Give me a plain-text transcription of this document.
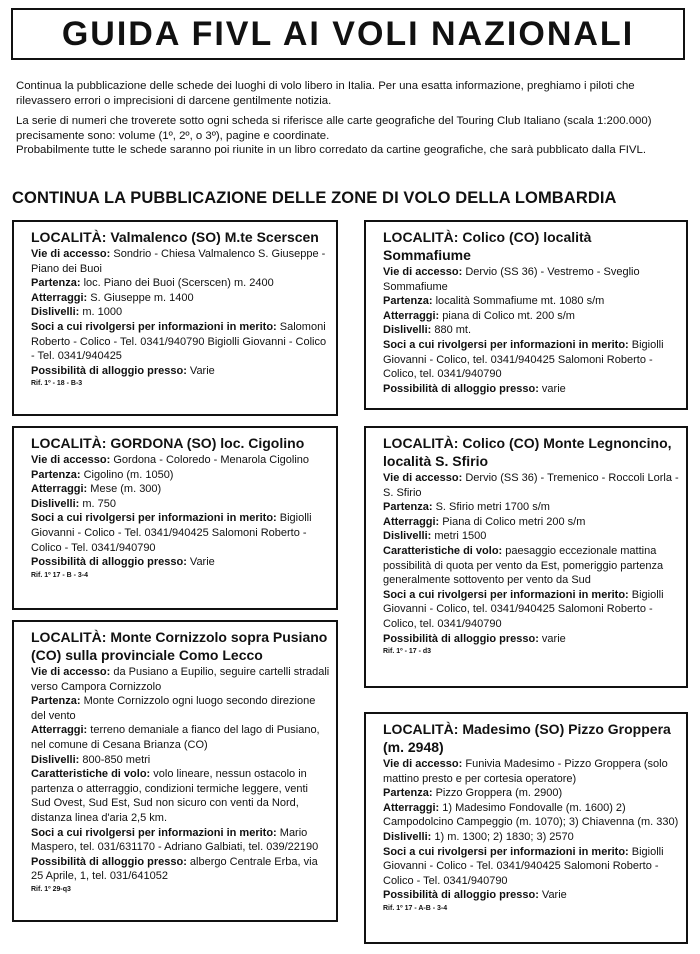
GUIDA FIVL AI VOLI NAZIONALI

Continua la pubblicazione delle schede dei luoghi di volo libero in Italia. Per una esatta informazione, preghiamo i piloti che rilevassero errori o imprecisioni di darcene gentilmente notizia.

La serie di numeri che troverete sotto ogni scheda si riferisce alle carte geografiche del Touring Club Italiano (scala 1:200.000) precisamente sono: volume (1º, 2º, o 3º), pagine e coordinate.

Probabilmente tutte le schede saranno poi riunite in un libro corredato da cartine geografiche, che sarà pubblicato dalla FIVL.

CONTINUA LA PUBBLICAZIONE DELLE ZONE DI VOLO DELLA LOMBARDIA
LOCALITÀ: Valmalenco (SO) M.te Scerscen

Vie di accesso: Sondrio - Chiesa Valmalenco S. Giuseppe - Piano dei Buoi

Partenza: loc. Piano dei Buoi (Scerscen) m. 2400

Atterraggi: S. Giuseppe m. 1400

Dislivelli: m. 1000

Soci a cui rivolgersi per informazioni in merito: Salomoni Roberto - Colico - Tel. 0341/940790 Bigiolli Giovanni - Colico - Tel. 0341/940425

Possibilità di alloggio presso: Varie

Rif. 1º - 18 - B-3
LOCALITÀ: GORDONA (SO) loc. Cigolino

Vie di accesso: Gordona - Coloredo - Menarola Cigolino

Partenza: Cigolino (m. 1050)

Atterraggi: Mese (m. 300)

Dislivelli: m. 750

Soci a cui rivolgersi per informazioni in merito: Bigiolli Giovanni - Colico - Tel. 0341/940425 Salomoni Roberto - Colico - Tel. 0341/940790

Possibilità di alloggio presso: Varie

Rif. 1º 17 - B - 3-4
LOCALITÀ: Monte Cornizzolo sopra Pusiano (CO) sulla provinciale Como Lecco

Vie di accesso: da Pusiano a Eupilio, seguire cartelli stradali verso Campora Cornizzolo

Partenza: Monte Cornizzolo ogni luogo secondo direzione del vento

Atterraggi: terreno demaniale a fianco del lago di Pusiano, nel comune di Cesana Brianza (CO)

Dislivelli: 800-850 metri

Caratteristiche di volo: volo lineare, nessun ostacolo in partenza o atterraggio, condizioni termiche leggere, venti Sud Ovest, Sud Est, Sud non sicuro con venti da Nord, distanza linea d'aria 2,5 km.

Soci a cui rivolgersi per informazioni in merito: Mario Maspero, tel. 031/631170 - Adriano Galbiati, tel. 039/22190

Possibilità di alloggio presso: albergo Centrale Erba, via 25 Aprile, 1, tel. 031/641052

Rif. 1º 29-q3
LOCALITÀ: Colico (CO) località Sommafiume

Vie di accesso: Dervio (SS 36) - Vestremo - Sveglio Sommafiume

Partenza: località Sommafiume mt. 1080 s/m

Atterraggi: piana di Colico mt. 200 s/m

Dislivelli: 880 mt.

Soci a cui rivolgersi per informazioni in merito: Bigiolli Giovanni - Colico, tel. 0341/940425 Salomoni Roberto - Colico, tel. 0341/940790

Possibilità di alloggio presso: varie

LOCALITÀ: Colico (CO) Monte Legnoncino, località S. Sfirio

Vie di accesso: Dervio (SS 36) - Tremenico - Roccoli Lorla - S. Sfirio

Partenza: S. Sfirio metri 1700 s/m

Atterraggi: Piana di Colico metri 200 s/m

Dislivelli: metri 1500

Caratteristiche di volo: paesaggio eccezionale mattina possibilità di quota per vento da Est, pomeriggio partenza generalmente sottovento per vento da Sud

Soci a cui rivolgersi per informazioni in merito: Bigiolli Giovanni - Colico, tel. 0341/940425 Salomoni Roberto - Colico, tel. 0341/940790

Possibilità di alloggio presso: varie

Rif. 1º - 17 - d3
LOCALITÀ: Madesimo (SO) Pizzo Groppera (m. 2948)

Vie di accesso: Funivia Madesimo - Pizzo Groppera (solo mattino presto e per cortesia operatore)

Partenza: Pizzo Groppera (m. 2900)

Atterraggi: 1) Madesimo Fondovalle (m. 1600) 2) Campodolcino Campeggio (m. 1070); 3) Chiavenna (m. 330)

Dislivelli: 1) m. 1300; 2) 1830; 3) 2570

Soci a cui rivolgersi per informazioni in merito: Bigiolli Giovanni - Colico - Tel. 0341/940425 Salomoni Roberto - Colico - Tel. 0341/940790

Possibilità di alloggio presso: Varie

Rif. 1º 17 - A-B - 3-4
